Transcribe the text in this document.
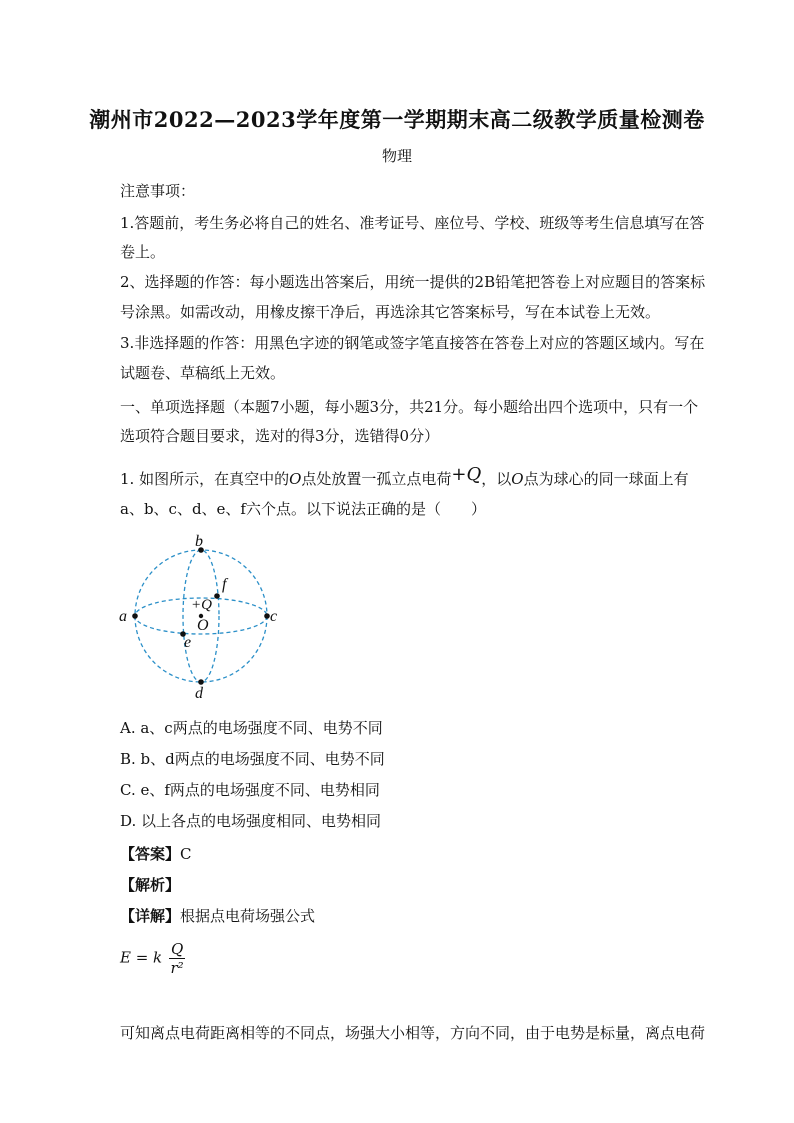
潮州市2022—2023学年度第一学期期末高二级教学质量检测卷
物理
注意事项：
1.答题前，考生务必将自己的姓名、准考证号、座位号、学校、班级等考生信息填写在答
卷上。
2、选择题的作答：每小题选出答案后，用统一提供的2B铅笔把答卷上对应题目的答案标
号涂黑。如需改动，用橡皮擦干净后，再选涂其它答案标号，写在本试卷上无效。
3.非选择题的作答：用黑色字迹的钢笔或签字笔直接答在答卷上对应的答题区域内。写在
试题卷、草稿纸上无效。
一、单项选择题（本题7小题，每小题3分，共21分。每小题给出四个选项中，只有一个
选项符合题目要求，选对的得3分，选错得0分）
1. 如图所示，在真空中的O点处放置一孤立点电荷+Q，以O点为球心的同一球面上有
a、b、c、d、e、f六个点。以下说法正确的是（　　）
a	c
b
d
f
e
+Q
O
A. a、c两点的电场强度不同、电势不同
B. b、d两点的电场强度不同、电势不同
C. e、f两点的电场强度不同、电势相同
D. 以上各点的电场强度相同、电势相同
【答案】C
【解析】
【详解】根据点电荷场强公式
E = k $\frac{Q}{\text{r²}}$
可知离点电荷距离相等的不同点，场强大小相等，方向不同，由于电势是标量，离点电荷
